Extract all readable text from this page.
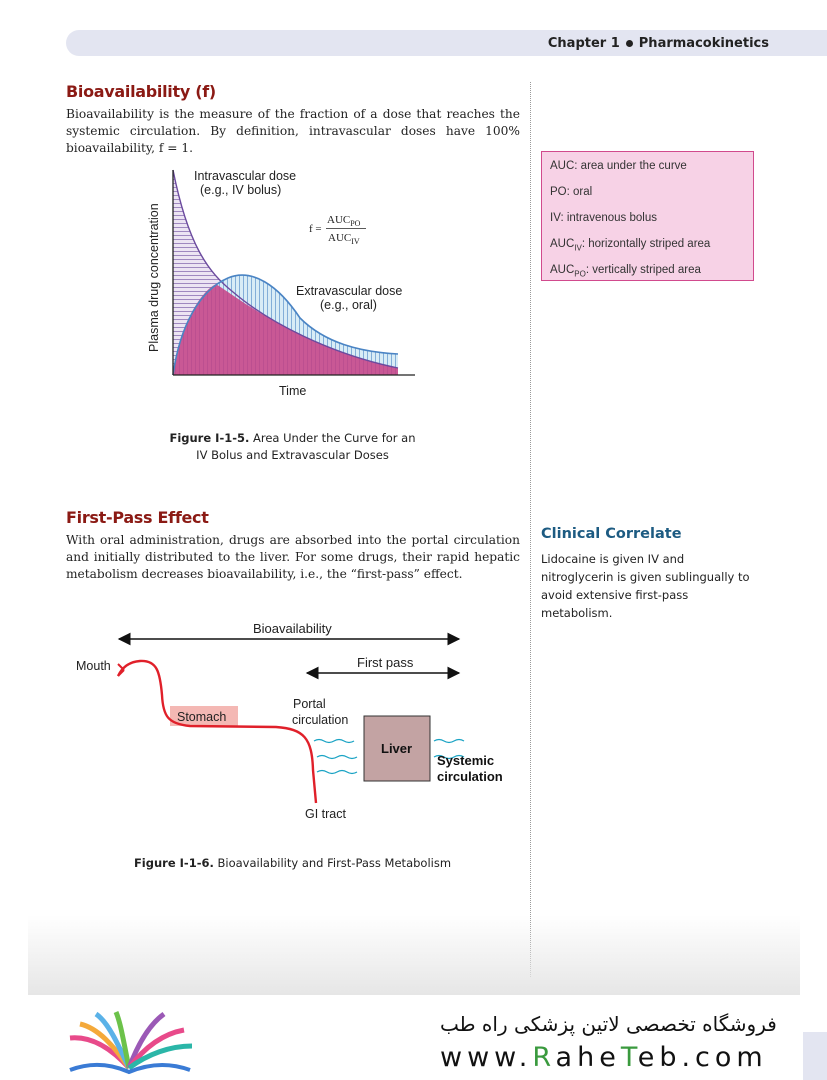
Chapter 1 Pharmacokinetics
Bioavailability (f)
Bioavailability is the measure of the fraction of a dose that reaches the systemic circulation. By definition, intravascular doses have 100% bioavailability, f = 1.
Intravascular dose
(e.g., IV bolus)
Extravascular dose
(e.g., oral)
Plasma drug concentration
Time
f =
$AUC_{PO}$
$AUC_{IV}$
Figure I-1-5. Area Under the Curve for an
IV Bolus and Extravascular Doses
AUC: area under the curve
PO: oral
IV: intravenous bolus
$AUC_{IV}$: horizontally striped area
$AUC_{PO}$: vertically striped area
First-Pass Effect
With oral administration, drugs are absorbed into the portal circulation and initially distributed to the liver. For some drugs, their rapid hepatic metabolism decreases bioavailability, i.e., the “first-pass” effect.
Clinical Correlate
Lidocaine is given IV and nitroglycerin is given sublingually to avoid extensive first-pass metabolism.
Bioavailability
First pass
Stomach
Mouth
Portal
circulation
Liver
Systemic
circulation
GI tract
Figure I-1-6. Bioavailability and First-Pass Metabolism
فروشگاه تخصصی لاتین پزشکی راه طب
www.RaheTeb.com
